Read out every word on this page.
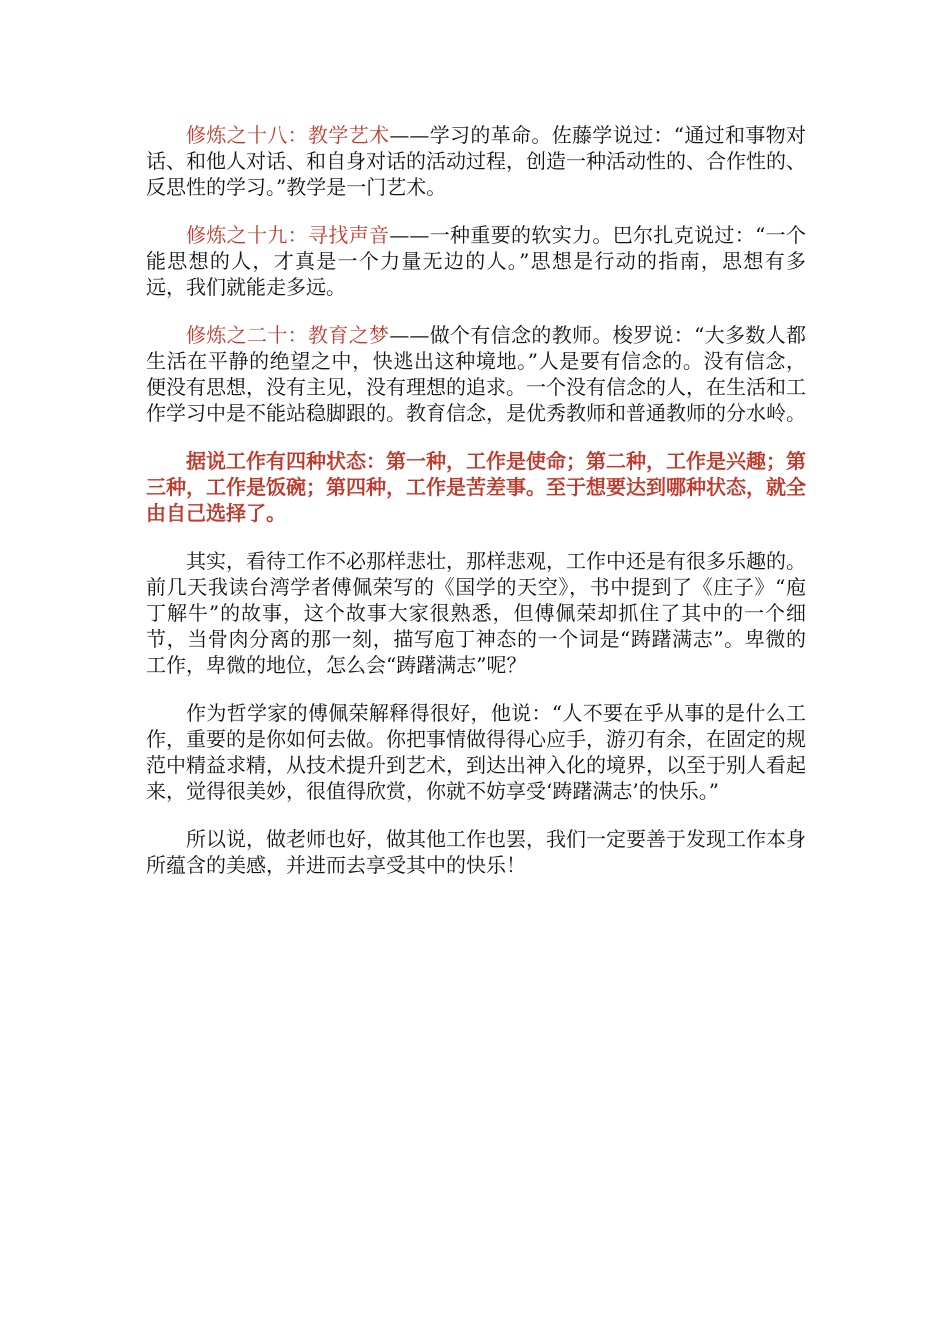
修炼之十八：教学艺术——学习的革命。佐藤学说过：“通过和事物对话、和他人对话、和自身对话的活动过程，创造一种活动性的、合作性的、反思性的学习。”教学是一门艺术。

修炼之十九：寻找声音——一种重要的软实力。巴尔扎克说过：“一个能思想的人，才真是一个力量无边的人。”思想是行动的指南，思想有多远，我们就能走多远。

修炼之二十：教育之梦——做个有信念的教师。梭罗说：“大多数人都生活在平静的绝望之中，快逃出这种境地。”人是要有信念的。没有信念，便没有思想，没有主见，没有理想的追求。一个没有信念的人，在生活和工作学习中是不能站稳脚跟的。教育信念，是优秀教师和普通教师的分水岭。

据说工作有四种状态：第一种，工作是使命；第二种，工作是兴趣；第三种，工作是饭碗；第四种，工作是苦差事。至于想要达到哪种状态，就全由自己选择了。

其实，看待工作不必那样悲壮，那样悲观，工作中还是有很多乐趣的。前几天我读台湾学者傅佩荣写的《国学的天空》，书中提到了《庄子》“庖丁解牛”的故事，这个故事大家很熟悉，但傅佩荣却抓住了其中的一个细节，当骨肉分离的那一刻，描写庖丁神态的一个词是“踌躇满志”。卑微的工作，卑微的地位，怎么会“踌躇满志”呢？

作为哲学家的傅佩荣解释得很好，他说：“人不要在乎从事的是什么工作，重要的是你如何去做。你把事情做得得心应手，游刃有余，在固定的规范中精益求精，从技术提升到艺术，到达出神入化的境界，以至于别人看起来，觉得很美妙，很值得欣赏，你就不妨享受‘踌躇满志’的快乐。”

所以说，做老师也好，做其他工作也罢，我们一定要善于发现工作本身所蕴含的美感，并进而去享受其中的快乐！
